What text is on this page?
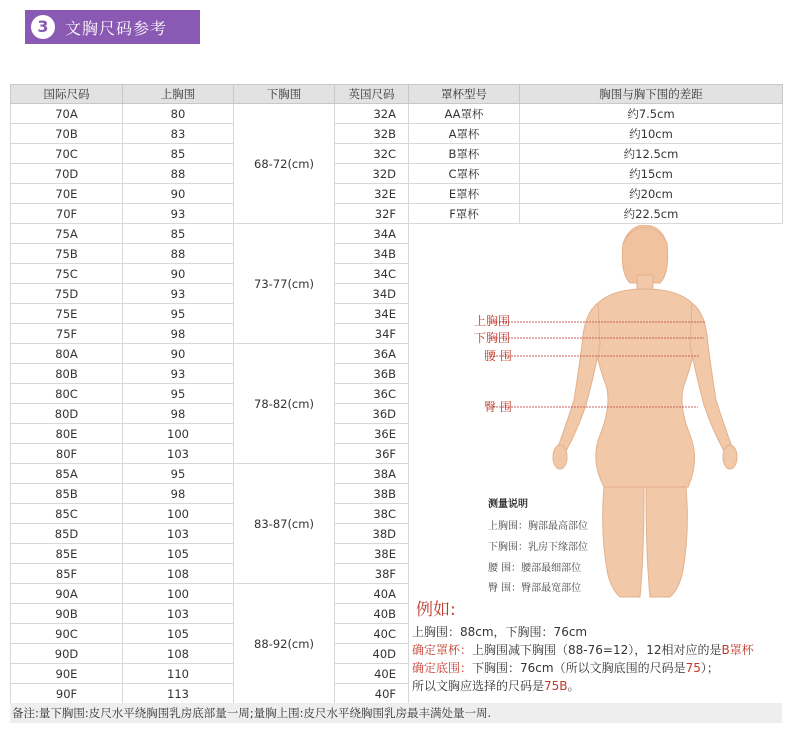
3	文胸尺码参考
国际尺码	上胸围	下胸围	英国尺码	罩杯型号	胸围与胸下围的差距
70A	80	68-72(cm)	32A	AA罩杯	约7.5cm
70B	83		32B	A罩杯	约10cm
70C	85		32C	B罩杯	约12.5cm
70D	88		32D	C罩杯	约15cm
70E	90		32E	E罩杯	约20cm
70F	93		32F	F罩杯	约22.5cm
75A	85	73-77(cm)	34A		
75B	88		34B		
75C	90		34C		
75D	93		34D		
75E	95		34E		
75F	98		34F		
80A	90	78-82(cm)	36A		
80B	93		36B		
80C	95		36C		
80D	98		36D		
80E	100		36E		
80F	103		36F		
85A	95	83-87(cm)	38A		
85B	98		38B		
85C	100		38C		
85D	103		38D		
85E	105		38E		
85F	108		38F		
90A	100	88-92(cm)	40A		
90B	103		40B		
90C	105		40C		
90D	108		40D		
90E	110		40E		
90F	113		40F		
上胸围
下胸围
腰 围
臀 围
测量说明
上胸围：胸部最高部位
下胸围：乳房下缘部位
腰 围：腰部最细部位
臀 围：臀部最宽部位
例如:
上胸围：88cm，下胸围：76cm
确定罩杯：上胸围减下胸围（88-76=12），12相对应的是B罩杯
确定底围：下胸围：76cm（所以文胸底围的尺码是75）；
所以文胸应选择的尺码是75B。
备注:量下胸围:皮尺水平绕胸围乳房底部量一周;量胸上围:皮尺水平绕胸围乳房最丰满处量一周.
